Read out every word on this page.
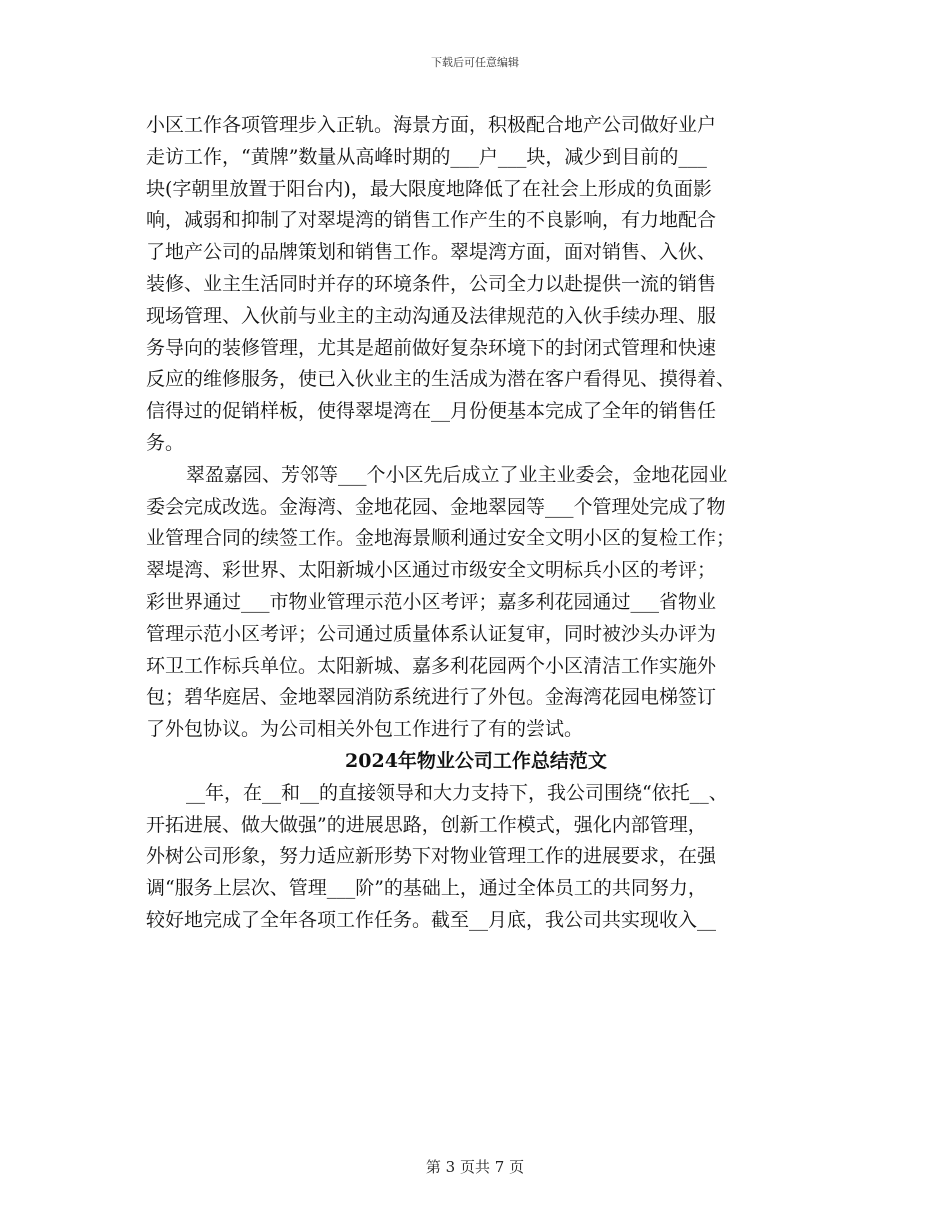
下载后可任意编辑
小区工作各项管理步入正轨。海景方面，积极配合地产公司做好业户
走访工作，“黄牌”数量从高峰时期的___户___块，减少到目前的___
块(字朝里放置于阳台内)，最大限度地降低了在社会上形成的负面影
响，减弱和抑制了对翠堤湾的销售工作产生的不良影响，有力地配合
了地产公司的品牌策划和销售工作。翠堤湾方面，面对销售、入伙、
装修、业主生活同时并存的环境条件，公司全力以赴提供一流的销售
现场管理、入伙前与业主的主动沟通及法律规范的入伙手续办理、服
务导向的装修管理，尤其是超前做好复杂环境下的封闭式管理和快速
反应的维修服务，使已入伙业主的生活成为潜在客户看得见、摸得着、
信得过的促销样板，使得翠堤湾在__月份便基本完成了全年的销售任
务。
翠盈嘉园、芳邻等___个小区先后成立了业主业委会，金地花园业
委会完成改选。金海湾、金地花园、金地翠园等___个管理处完成了物
业管理合同的续签工作。金地海景顺利通过安全文明小区的复检工作；
翠堤湾、彩世界、太阳新城小区通过市级安全文明标兵小区的考评；
彩世界通过___市物业管理示范小区考评；嘉多利花园通过___省物业
管理示范小区考评；公司通过质量体系认证复审，同时被沙头办评为
环卫工作标兵单位。太阳新城、嘉多利花园两个小区清洁工作实施外
包；碧华庭居、金地翠园消防系统进行了外包。金海湾花园电梯签订
了外包协议。为公司相关外包工作进行了有的尝试。
2024年物业公司工作总结范文
__年，在__和__的直接领导和大力支持下，我公司围绕“依托__、
开拓进展、做大做强”的进展思路，创新工作模式，强化内部管理，
外树公司形象，努力适应新形势下对物业管理工作的进展要求，在强
调“服务上层次、管理___阶”的基础上，通过全体员工的共同努力，
较好地完成了全年各项工作任务。截至__月底，我公司共实现收入__
第 3 页共 7 页
